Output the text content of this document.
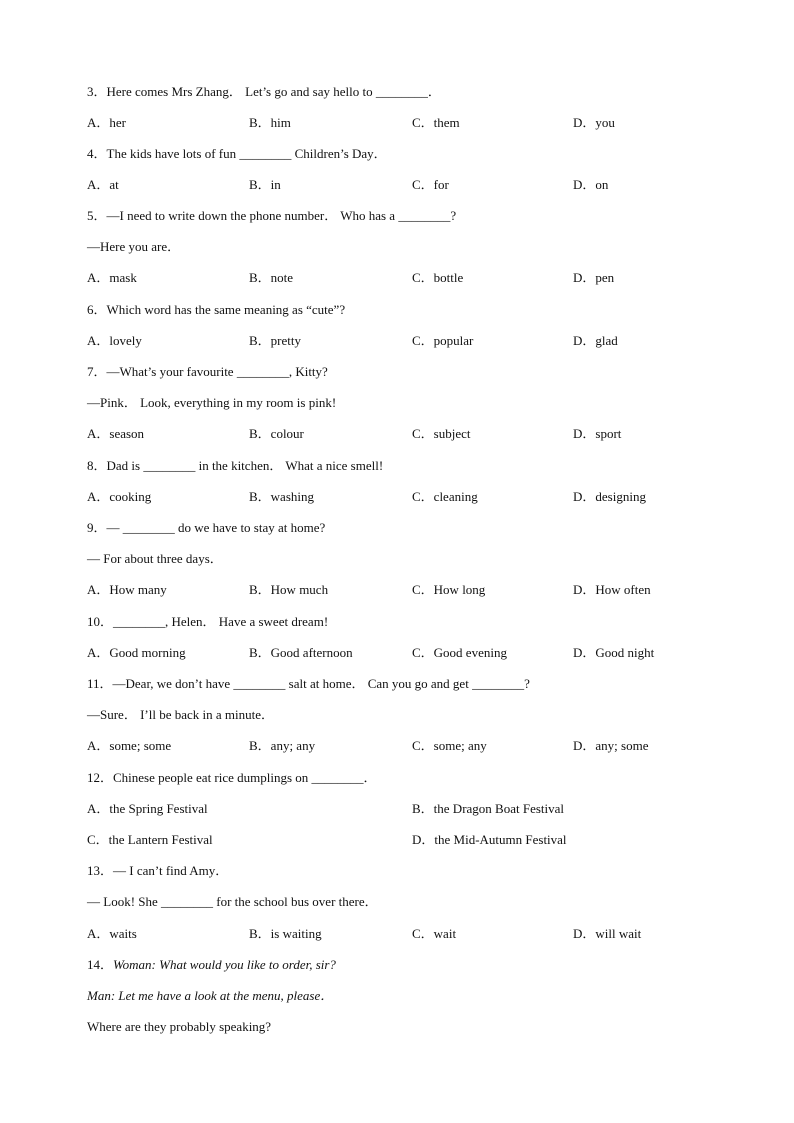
3．Here comes Mrs Zhang． Let’s go and say hello to ________．
A．her	B．him	C．them	D．you
4．The kids have lots of fun ________ Children’s Day．
A．at	B．in	C．for	D．on
5．—I need to write down the phone number． Who has a ________?
—Here you are．
A．mask	B．note	C．bottle	D．pen
6．Which word has the same meaning as “cute”?
A．lovely	B．pretty	C．popular	D．glad
7．—What’s your favourite ________, Kitty?
—Pink． Look, everything in my room is pink!
A．season	B．colour	C．subject	D．sport
8．Dad is ________ in the kitchen． What a nice smell!
A．cooking	B．washing	C．cleaning	D．designing
9．— ________ do we have to stay at home?
— For about three days．
A．How many	B．How much	C．How long	D．How often
10．________, Helen． Have a sweet dream!
A．Good morning	B．Good afternoon	C．Good evening	D．Good night
11．—Dear, we don’t have ________ salt at home． Can you go and get ________?
—Sure． I’ll be back in a minute．
A．some; some	B．any; any	C．some; any	D．any; some
12．Chinese people eat rice dumplings on ________．
A．the Spring Festival	B．the Dragon Boat Festival
C．the Lantern Festival	D．the Mid-Autumn Festival
13．— I can’t find Amy．
— Look! She ________ for the school bus over there．
A．waits	B．is waiting	C．wait	D．will wait
14．Woman: What would you like to order, sir?
Man: Let me have a look at the menu, please．
Where are they probably speaking?
